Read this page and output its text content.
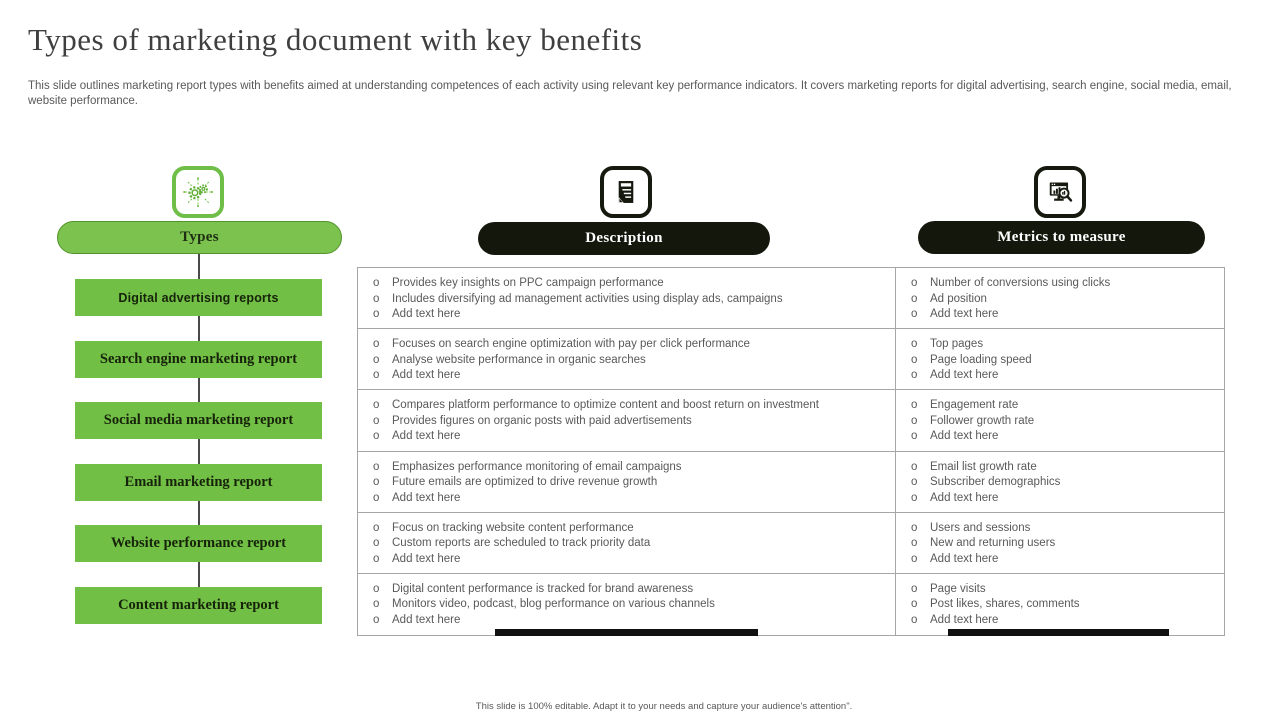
Types of marketing document with key benefits
This slide outlines marketing report types with benefits aimed at understanding competences of each activity using relevant key performance indicators. It covers marketing reports for digital advertising, search engine, social media, email, website performance.
Types	Description	Metrics to measure
Digital advertising reports
Search engine marketing report
Social media marketing report
Email marketing report
Website performance report
Content marketing report
o Provides key insights on PPC campaign performance
o Includes diversifying ad management activities using display ads, campaigns
o Add text here
o Number of conversions using clicks
o Ad position
o Add text here
o Focuses on search engine optimization with pay per click performance
o Analyse website performance in organic searches
o Add text here
o Top pages
o Page loading speed
o Add text here
o Compares platform performance to optimize content and boost return on investment
o Provides figures on organic posts with paid advertisements
o Add text here
o Engagement rate
o Follower growth rate
o Add text here
o Emphasizes performance monitoring of email campaigns
o Future emails are optimized to drive revenue growth
o Add text here
o Email list growth rate
o Subscriber demographics
o Add text here
o Focus on tracking website content performance
o Custom reports are scheduled to track priority data
o Add text here
o Users and sessions
o New and returning users
o Add text here
o Digital content performance is tracked for brand awareness
o Monitors video, podcast, blog performance on various channels
o Add text here
o Page visits
o Post likes, shares, comments
o Add text here
This slide is 100% editable. Adapt it to your needs and capture your audience's attention".
